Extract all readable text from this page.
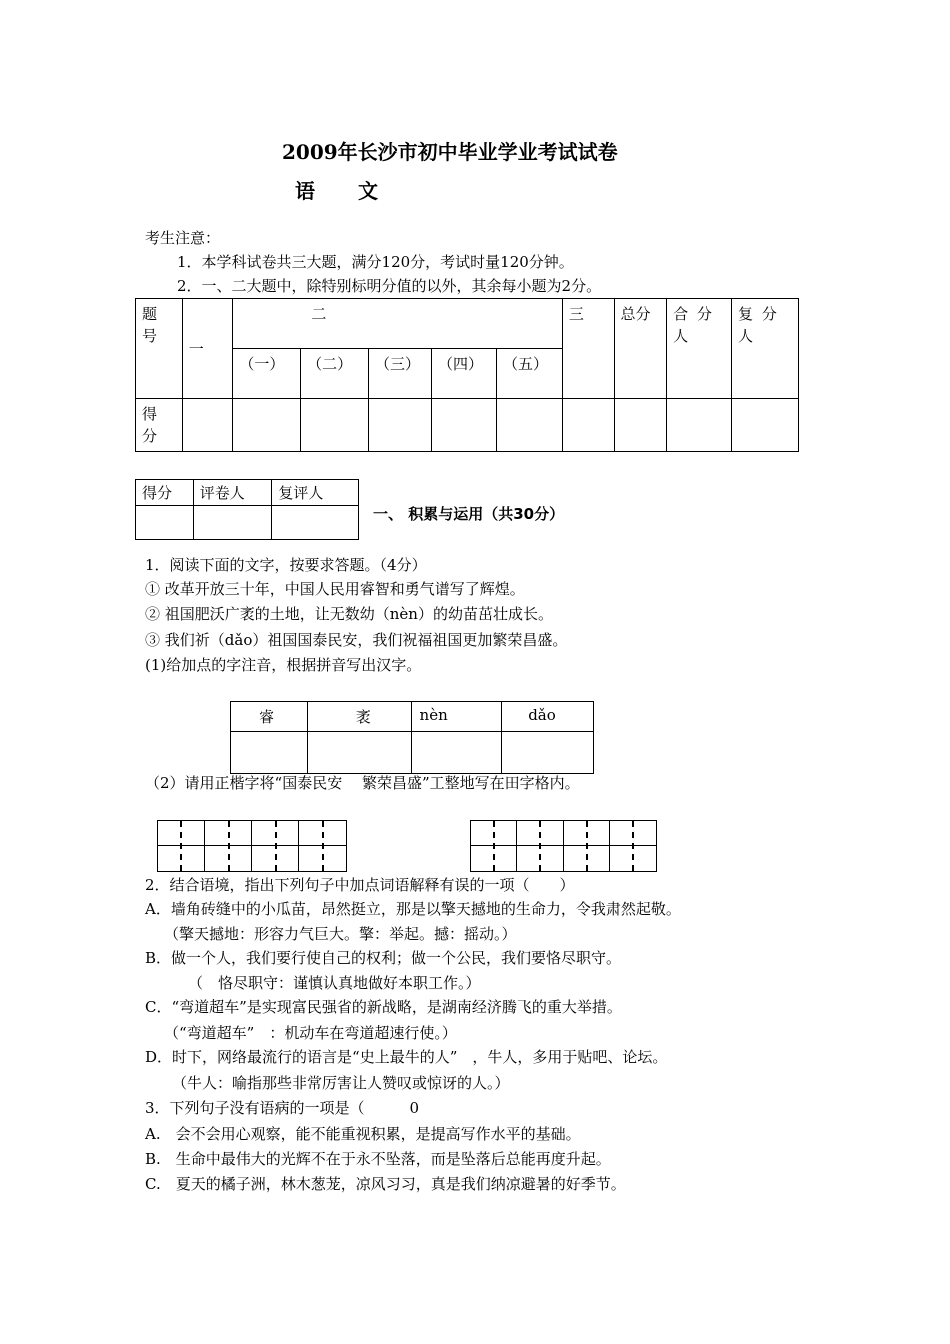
2009年长沙市初中毕业学业考试试卷
语 文
考生注意：
1．本学科试卷共三大题，满分120分，考试时量120分钟。
2．一、二大题中，除特别标明分值的以外，其余每小题为2分。
题号	一	二					三	总分	合 分人	复 分人

		（一）	（二）	（三）	（四）	（五）				

得分										

得分	评卷人	复评人

一、 积累与运用（共30分）
1．阅读下面的文字，按要求答题。（4分）
① 改革开放三十年，中国人民用睿智和勇气谱写了辉煌。
② 祖国肥沃广袤的土地，让无数幼（nèn）的幼苗茁壮成长。
③ 我们祈（dǎo）祖国国泰民安，我们祝福祖国更加繁荣昌盛。
(1)给加点的字注音，根据拼音写出汉字。
睿	袤	nèn	dǎo

（2）请用正楷字将“国泰民安　 繁荣昌盛”工整地写在田字格内。
2．结合语境，指出下列句子中加点词语解释有误的一项（　　）
A．墙角砖缝中的小瓜苗，昂然挺立，那是以擎天撼地的生命力，令我肃然起敬。
（擎天撼地：形容力气巨大。擎：举起。撼：摇动。）
B．做一个人，我们要行使自己的权利；做一个公民，我们要恪尽职守。
（　恪尽职守：谨慎认真地做好本职工作。）
C．“弯道超车”是实现富民强省的新战略，是湖南经济腾飞的重大举措。
（“弯道超车”　：机动车在弯道超速行使。）
D．时下，网络最流行的语言是“史上最牛的人”　，牛人，多用于贴吧、论坛。
（牛人：喻指那些非常厉害让人赞叹或惊讶的人。）
3．下列句子没有语病的一项是（　　　0
A.　会不会用心观察，能不能重视积累，是提高写作水平的基础。
B.　生命中最伟大的光辉不在于永不坠落，而是坠落后总能再度升起。
C.　夏天的橘子洲，林木葱茏，凉风习习，真是我们纳凉避暑的好季节。
